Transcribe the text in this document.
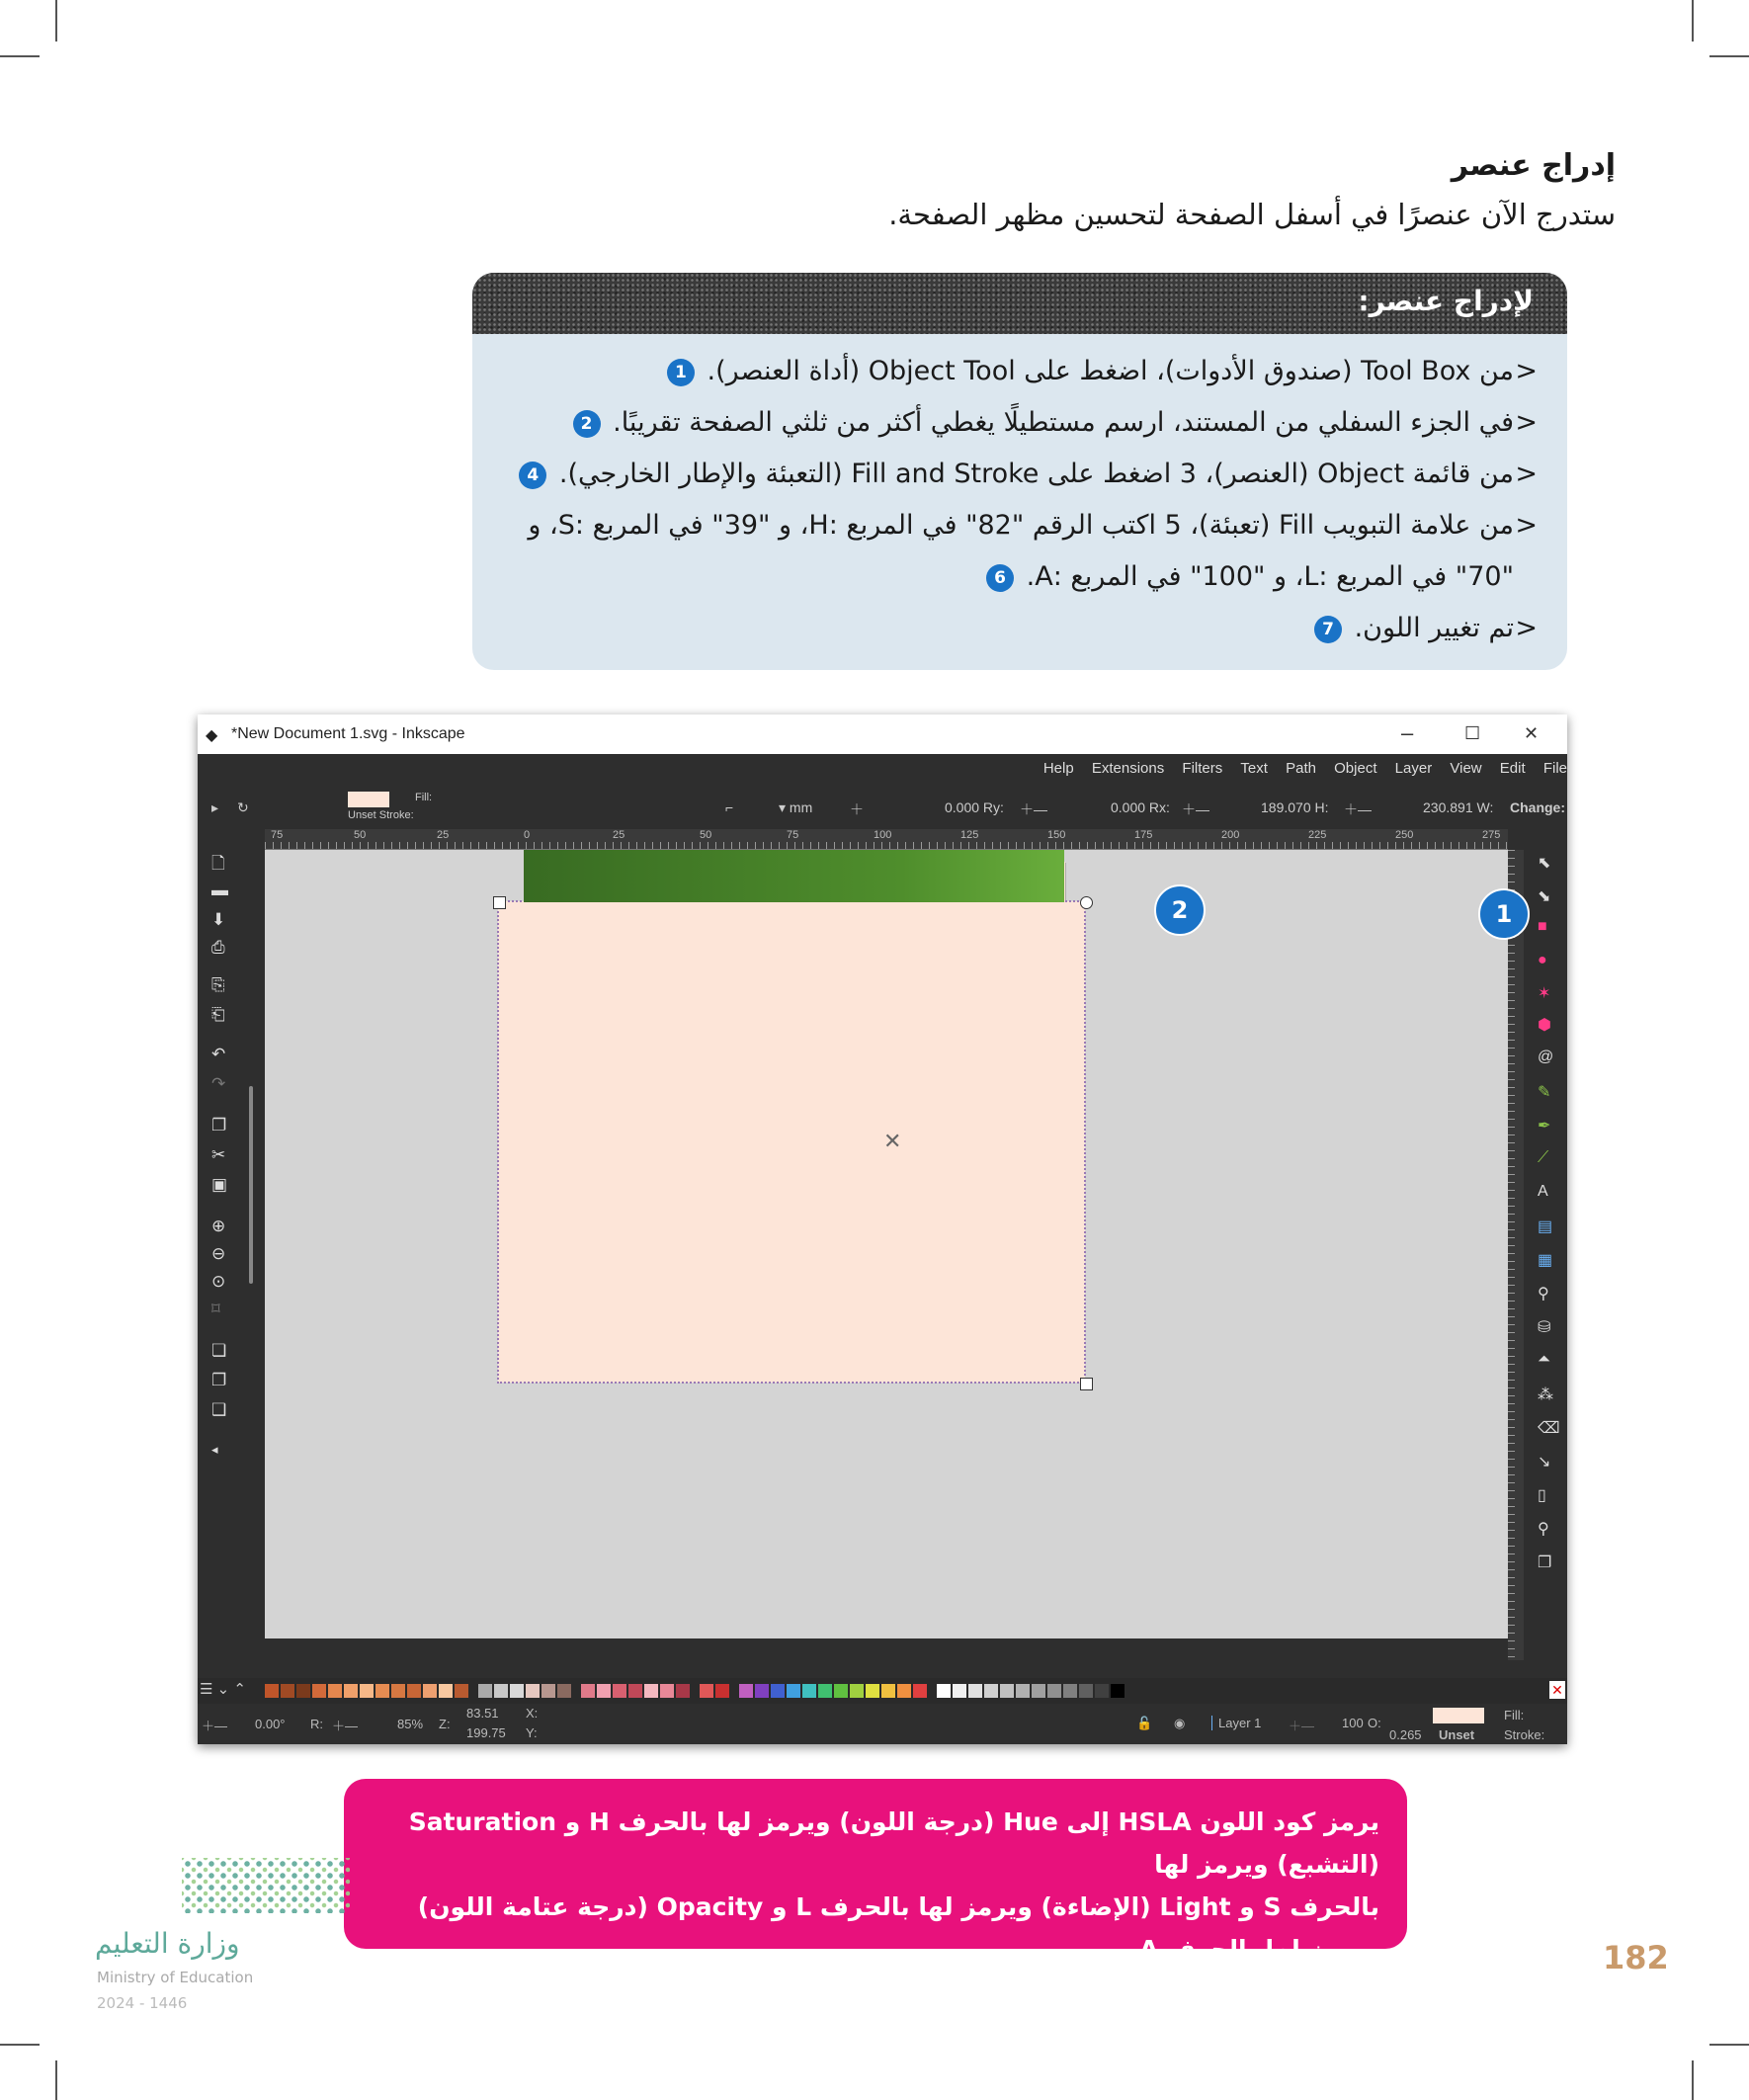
إدراج عنصر
ستدرج الآن عنصرًا في أسفل الصفحة لتحسين مظهر الصفحة.
لإدراج عنصر:
<
من Tool Box (صندوق الأدوات)، اضغط على Object Tool (أداة العنصر). 1
<
في الجزء السفلي من المستند، ارسم مستطيلًا يغطي أكثر من ثلثي الصفحة تقريبًا. 2
<
من قائمة Object (العنصر)، 3 اضغط على Fill and Stroke (التعبئة والإطار الخارجي). 4
<
من علامة التبويب Fill (تعبئة)، 5 اكتب الرقم "82" في المربع :H، و "39" في المربع :S، و "70" في المربع :L، و "100" في المربع :A. 6
<
تم تغيير اللون. 7
◆ *New Document 1.svg - Inkscape	–	☐ ✕
Help Extensions Filters Text Path Object Layer View Edit File
▸ ↻
Fill:
Unset Stroke:	⌐	▾ mm	＋	0.000 Ry: ＋—	0.000 Rx: ＋—	189.070 H: ＋—	230.891 W: Change:
75	50	25	0	25	50	75	100	125	150	175	200	225	250	275
🗋
▬
⬇
⎙
⎘
⎗
↶
↷
❐
✂
▣
⊕
⊖
⊙
⌑
❏
❐
❑
◂
⬉
⬊
■
●
✶
⬢
@
✎
✒
⟋
A
▤
▦
⚲
⛁
⏶
⁂
⌫
↘
▯
⚲
❐
✕
2	1
☰ ⌄ ⌃	✕
＋— 0.00° R: ＋—	85% Z:
83.51
199.75
X:
Y:
🔓 ◉	Layer 1 ＋— 100 O:
0.265 Unset
Fill:
Stroke:
يرمز كود اللون HSLA إلى Hue (درجة اللون) ويرمز لها بالحرف H و Saturation (التشبع) ويرمز لها
بالحرف S و Light (الإضاءة) ويرمز لها بالحرف L و Opacity (درجة عتامة اللون) ويرمز لها بالحرف A.
وعند مزج الأرقام H: 82 و S: 39 و L: 70 و A: 100 تحصل على اللون الأخضر الفاتح.
وزارة التعليم
Ministry of Education
2024 - 1446
182
